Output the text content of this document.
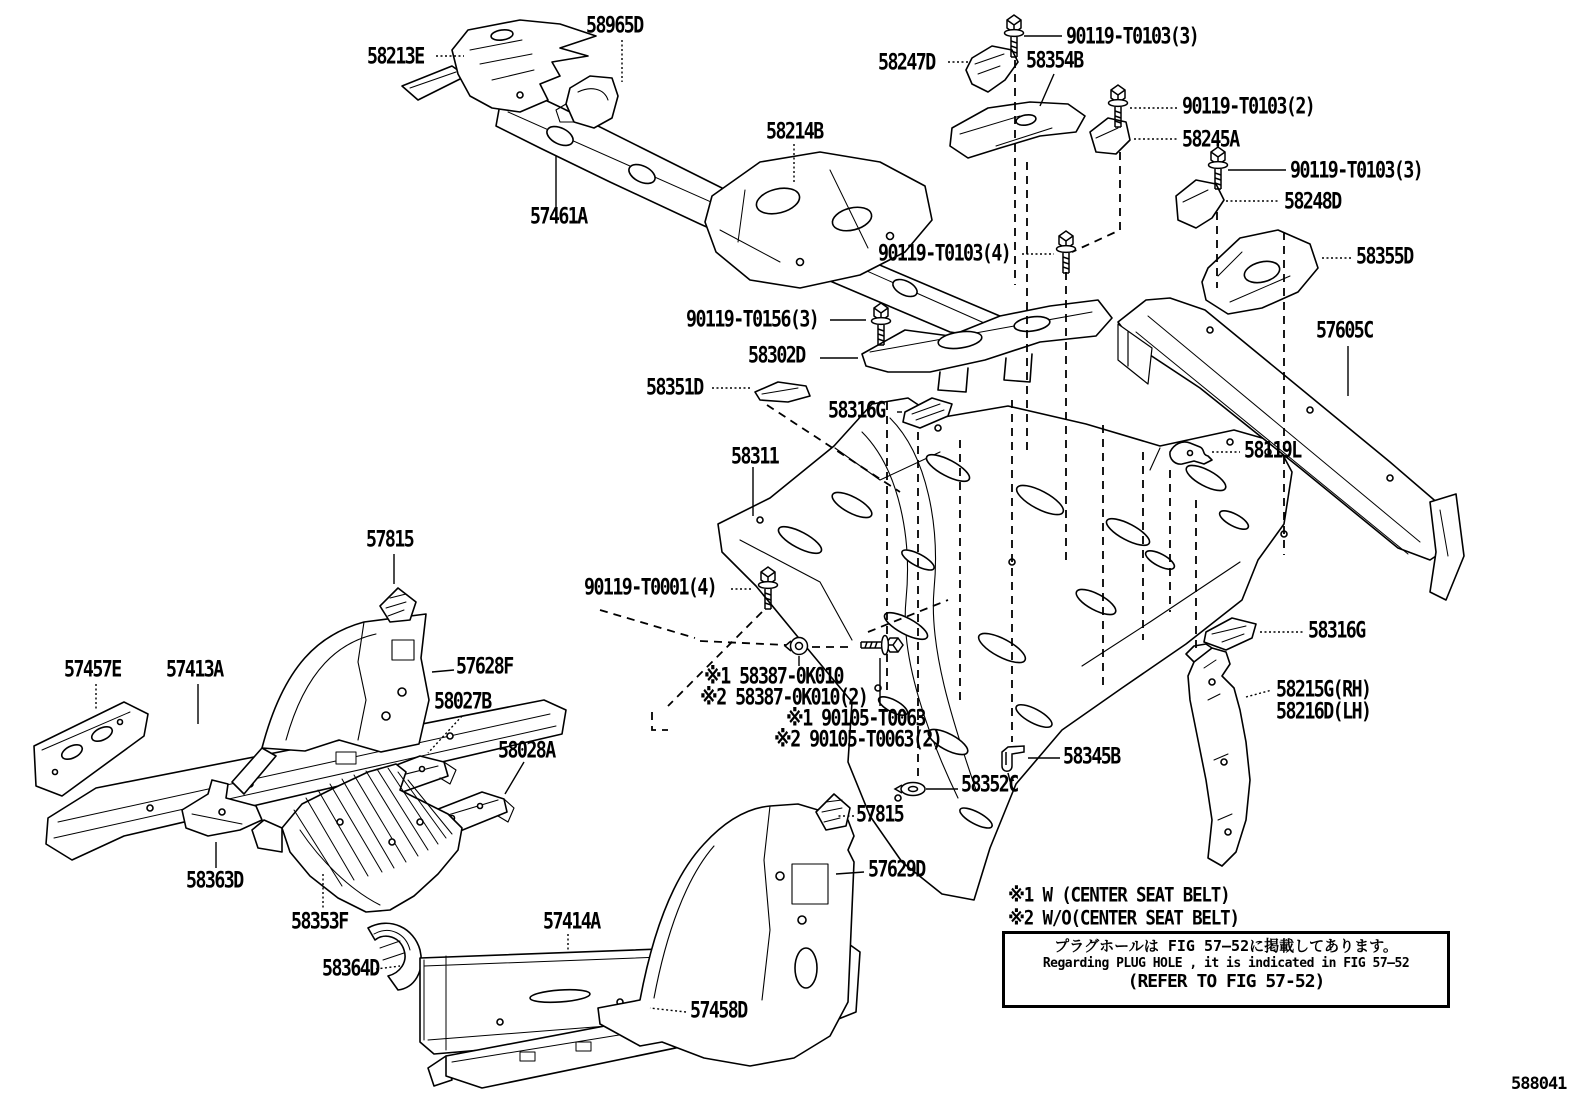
58213E
58965D
58214B
57461A
90119-T0103(3)
58247D	58354B
90119-T0103(2)
58245A
90119-T0103(3)
58248D
58355D
90119-T0103(4)
57605C
90119-T0156(3)
58302D
58351D
58316G
58119L
58311
57815
90119-T0001(4)
57457E 57413A	57628F
58027B
※1 58387-0K010
※2 58387-0K010(2)
※1 90105-T0063
※2 90105-T0063(2)
58028A
58316G
58215G(RH)
58216D(LH)
58345B
58352C
57815
57629D
58363D
58353F
58364D
57414A
57458D
※1 W (CENTER SEAT BELT)
※2 W/O(CENTER SEAT BELT)
プラグホールは FIG 57―52に掲載してあります。
Regarding PLUG HOLE , it is indicated in FIG 57―52
(REFER TO FIG 57-52)
588041
